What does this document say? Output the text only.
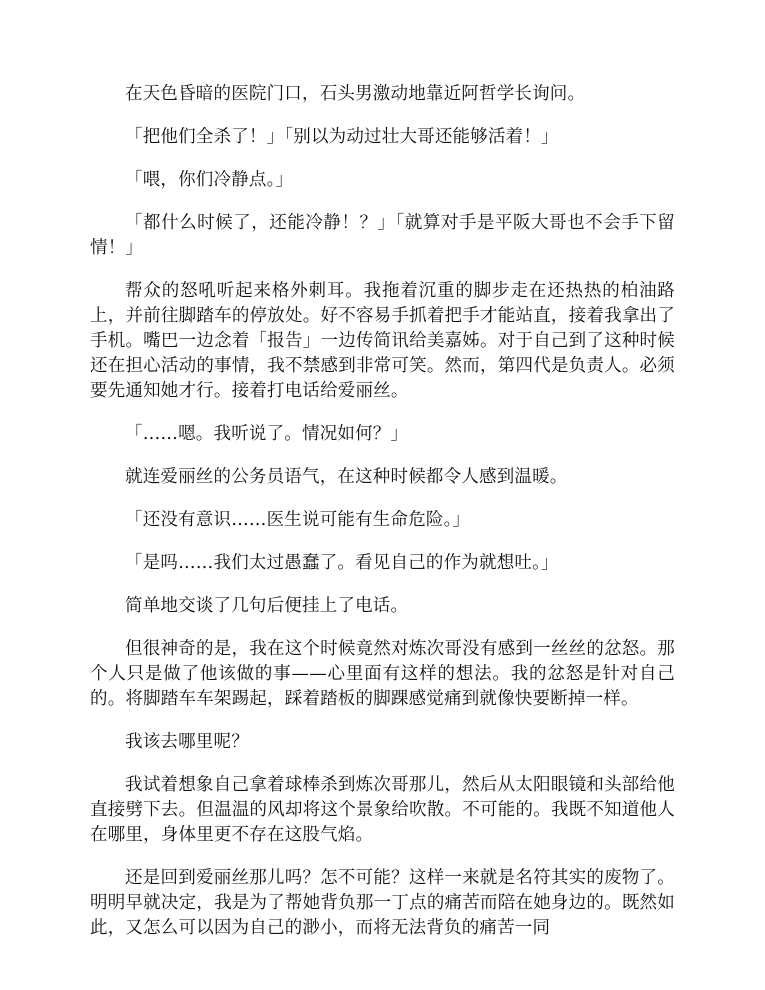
在天色昏暗的医院门口，石头男激动地靠近阿哲学长询问。

「把他们全杀了！」「别以为动过壮大哥还能够活着！」

「喂，你们冷静点。」

「都什么时候了，还能冷静！？」「就算对手是平阪大哥也不会手下留情！」

帮众的怒吼听起来格外刺耳。我拖着沉重的脚步走在还热热的柏油路上，并前往脚踏车的停放处。好不容易手抓着把手才能站直，接着我拿出了手机。嘴巴一边念着「报告」一边传简讯给美嘉姊。对于自己到了这种时候还在担心活动的事情，我不禁感到非常可笑。然而，第四代是负责人。必须要先通知她才行。接着打电话给爱丽丝。

「……嗯。我听说了。情况如何？」

就连爱丽丝的公务员语气，在这种时候都令人感到温暖。

「还没有意识……医生说可能有生命危险。」

「是吗……我们太过愚蠢了。看见自己的作为就想吐。」

简单地交谈了几句后便挂上了电话。

但很神奇的是，我在这个时候竟然对炼次哥没有感到一丝丝的忿怒。那个人只是做了他该做的事——心里面有这样的想法。我的忿怒是针对自己的。将脚踏车车架踢起，踩着踏板的脚踝感觉痛到就像快要断掉一样。

我该去哪里呢？

我试着想象自己拿着球棒杀到炼次哥那儿，然后从太阳眼镜和头部给他直接劈下去。但温温的风却将这个景象给吹散。不可能的。我既不知道他人在哪里，身体里更不存在这股气焰。

还是回到爱丽丝那儿吗？怎不可能？这样一来就是名符其实的废物了。明明早就决定，我是为了帮她背负那一丁点的痛苦而陪在她身边的。既然如此，又怎么可以因为自己的渺小，而将无法背负的痛苦一同
